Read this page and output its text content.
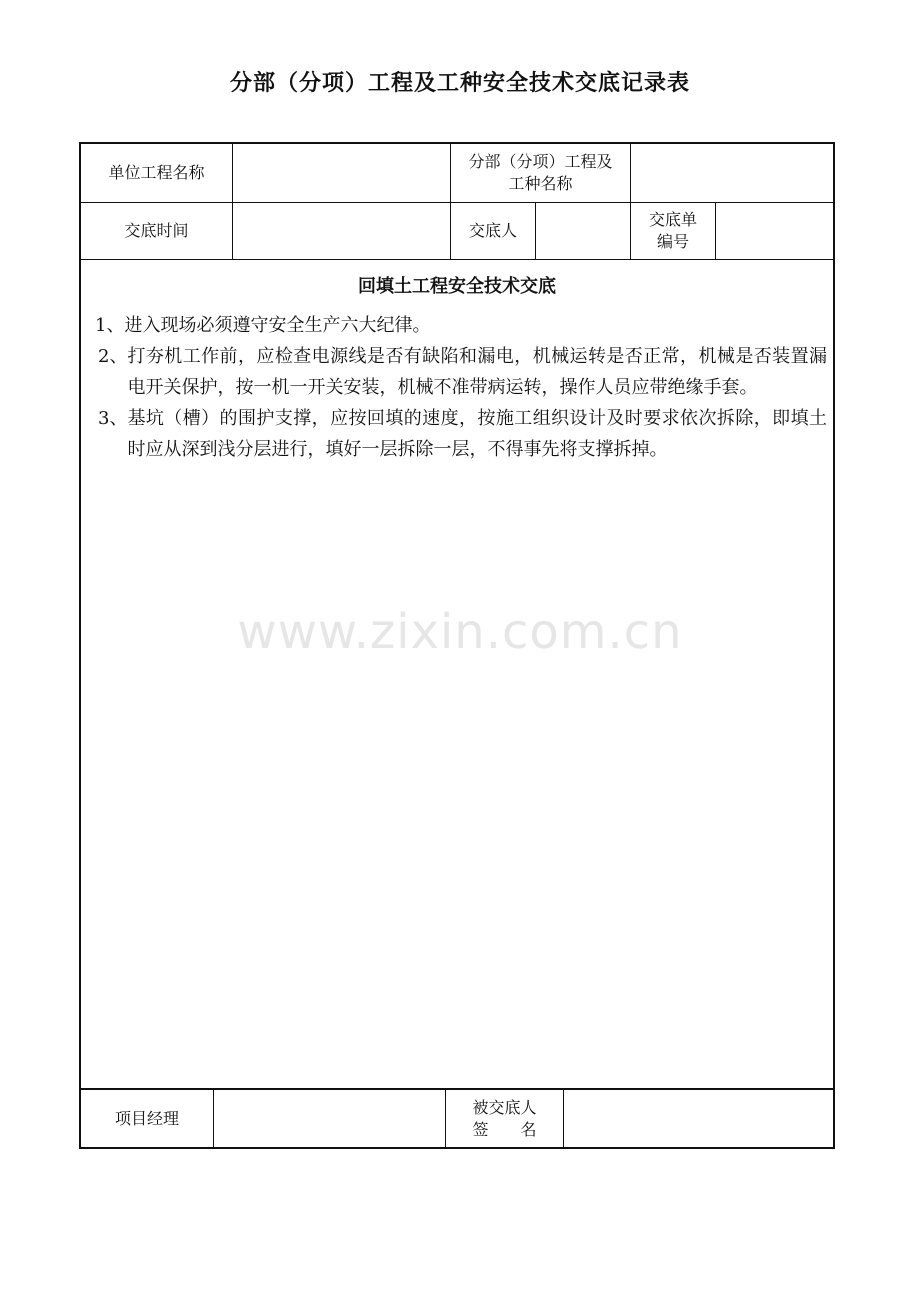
分部（分项）工程及工种安全技术交底记录表
单位工程名称
分部（分项）工程及
工种名称
交底时间	交底人
交底单
编号
回填土工程安全技术交底
1、 进入现场必须遵守安全生产六大纪律。
2、 打夯机工作前，应检查电源线是否有缺陷和漏电，机械运转是否正常，机械是否装置漏电开关保护，按一机一开关安装，机械不准带病运转，操作人员应带绝缘手套。
3、 基坑（槽）的围护支撑，应按回填的速度，按施工组织设计及时要求依次拆除，即填土时应从深到浅分层进行，填好一层拆除一层，不得事先将支撑拆掉。
项目经理
被交底人
签　　名
www.zixin.com.cn
